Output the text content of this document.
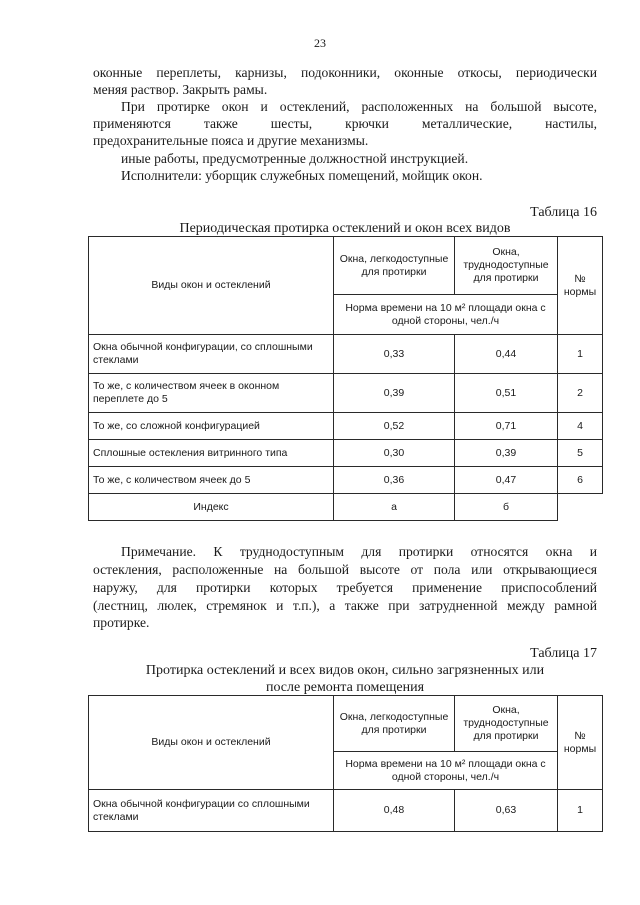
23
оконные переплеты, карнизы, подоконники, оконные откосы, периодически
меняя раствор. Закрыть рамы.
При протирке окон и остеклений, расположенных на большой высоте,
применяются также шесты, крючки металлические, настилы,
предохранительные пояса и другие механизмы.
иные работы, предусмотренные должностной инструкцией.
Исполнители: уборщик служебных помещений, мойщик окон.
Таблица 16
Периодическая протирка остеклений и окон всех видов
Виды окон и остеклений	Окна, легкодоступные для протирки	Окна, труднодоступные для протирки	№ нормы
	Норма времени на 10 м² площади окна с одной стороны, чел./ч		
Окна обычной конфигурации, со сплошными стеклами	0,33	0,44	1
То же, с количеством ячеек в оконном переплете до 5	0,39	0,51	2
То же, со сложной конфигурацией	0,52	0,71	4
Сплошные остекления витринного типа	0,30	0,39	5
То же, с количеством ячеек до 5	0,36	0,47	6
Индекс	а	б	
Примечание. К труднодоступным для протирки относятся окна и
остекления, расположенные на большой высоте от пола или открывающиеся
наружу, для протирки которых требуется применение приспособлений
(лестниц, люлек, стремянок и т.п.), а также при затрудненной между рамной
протирке.
Таблица 17
Протирка остеклений и всех видов окон, сильно загрязненных или
после ремонта помещения
Виды окон и остеклений	Окна, легкодоступные для протирки	Окна, труднодоступные для протирки	№ нормы
	Норма времени на 10 м² площади окна с одной стороны, чел./ч		
Окна обычной конфигурации со сплошными стеклами	0,48	0,63	1
